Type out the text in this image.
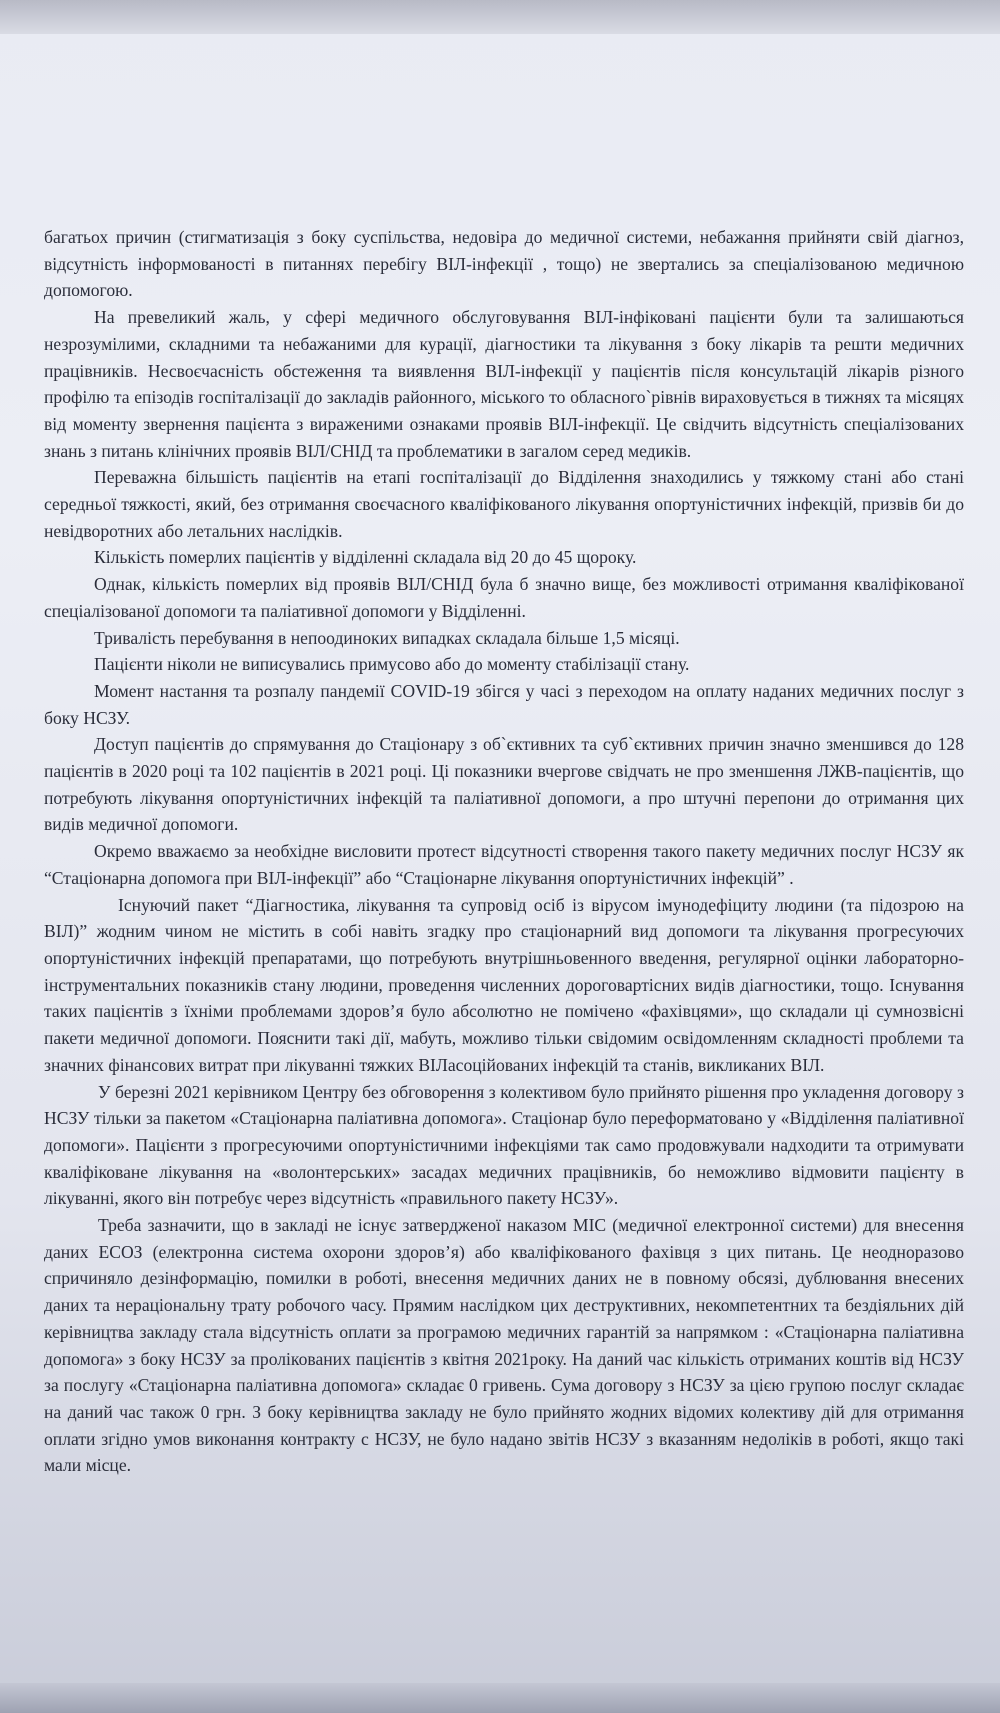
багатьох причин (стигматизація з боку суспільства, недовіра до медичної системи, небажання прийняти свій діагноз, відсутність інформованості в питаннях перебігу ВІЛ-інфекції , тощо) не звертались за спеціалізованою медичною допомогою.

На превеликий жаль, у сфері медичного обслуговування ВІЛ-інфіковані пацієнти були та залишаються незрозумілими, складними та небажаними для курації, діагностики та лікування з боку лікарів та решти медичних працівників. Несвоєчасність обстеження та виявлення ВІЛ-інфекції у пацієнтів після консультацій лікарів різного профілю та епізодів госпіталізації до закладів районного, міського то обласного`рівнів вираховується в тижнях та місяцях від моменту звернення пацієнта з вираженими ознаками проявів ВІЛ-інфекції. Це свідчить відсутність спеціалізованих знань з питань клінічних проявів ВІЛ/СНІД та проблематики в загалом серед медиків.

Переважна більшість пацієнтів на етапі госпіталізації до Відділення знаходились у тяжкому стані або стані середньої тяжкості, який, без отримання своєчасного кваліфікованого лікування опортуністичних інфекцій, призвів би до невідворотних або летальних наслідків.

Кількість померлих пацієнтів у відділенні складала від 20 до 45 щороку.

Однак, кількість померлих від проявів ВІЛ/СНІД була б значно вище, без можливості отримання кваліфікованої спеціалізованої допомоги та паліативної допомоги у Відділенні.

Тривалість перебування в непоодиноких випадках складала більше 1,5 місяці.

Пацієнти ніколи не виписувались примусово або до моменту стабілізації стану.

Момент настання та розпалу пандемії COVID-19 збігся у часі з переходом на оплату наданих медичних послуг з боку НСЗУ.

Доступ пацієнтів до спрямування до Стаціонару з об`єктивних та суб`єктивних причин значно зменшився до 128 пацієнтів в 2020 році та 102 пацієнтів в 2021 році. Ці показники вчергове свідчать не про зменшення ЛЖВ-пацієнтів, що потребують лікування опортуністичних інфекцій та паліативної допомоги, а про штучні перепони до отримання цих видів медичної допомоги.

Окремо вважаємо за необхідне висловити протест відсутності створення такого пакету медичних послуг НСЗУ як “Стаціонарна допомога при ВІЛ-інфекції” або “Стаціонарне лікування опортуністичних інфекцій” .

Існуючий пакет “Діагностика, лікування та супровід осіб із вірусом імунодефіциту людини (та підозрою на ВІЛ)” жодним чином не містить в собі навіть згадку про стаціонарний вид допомоги та лікування прогресуючих опортуністичних інфекцій препаратами, що потребують внутрішньовенного введення, регулярної оцінки лабораторно-інструментальних показників стану людини, проведення численних дороговартісних видів діагностики, тощо. Існування таких пацієнтів з їхніми проблемами здоров’я було абсолютно не помічено «фахівцями», що складали ці сумнозвісні пакети медичної допомоги. Пояснити такі дії, мабуть, можливо тільки свідомим освідомленням складності проблеми та значних фінансових витрат при лікуванні тяжких ВІЛасоційованих інфекцій та станів, викликаних ВІЛ.

У березні 2021 керівником Центру без обговорення з колективом було прийнято рішення про укладення договору з НСЗУ тільки за пакетом «Стаціонарна паліативна допомога». Стаціонар було переформатовано у «Відділення паліативної допомоги». Пацієнти з прогресуючими опортуністичними інфекціями так само продовжували надходити та отримувати кваліфіковане лікування на «волонтерських» засадах медичних працівників, бо неможливо відмовити пацієнту в лікуванні, якого він потребує через відсутність «правильного пакету НСЗУ».

Треба зазначити, що в закладі не існує затвердженої наказом МІС (медичної електронної системи) для внесення даних ЕСОЗ (електронна система охорони здоров’я) або кваліфікованого фахівця з цих питань. Це неодноразово спричиняло дезінформацію, помилки в роботі, внесення медичних даних не в повному обсязі, дублювання внесених даних та нераціональну трату робочого часу. Прямим наслідком цих деструктивних, некомпетентних та бездіяльних дій керівництва закладу стала відсутність оплати за програмою медичних гарантій за напрямком : «Стаціонарна паліативна допомога» з боку НСЗУ за пролікованих пацієнтів з квітня 2021року. На даний час кількість отриманих коштів від НСЗУ за послугу «Стаціонарна паліативна допомога» складає 0 гривень. Сума договору з НСЗУ за цією групою послуг складає на даний час також 0 грн. З боку керівництва закладу не було прийнято жодних відомих колективу дій для отримання оплати згідно умов виконання контракту с НСЗУ, не було надано звітів НСЗУ з вказанням недоліків в роботі, якщо такі мали місце.
